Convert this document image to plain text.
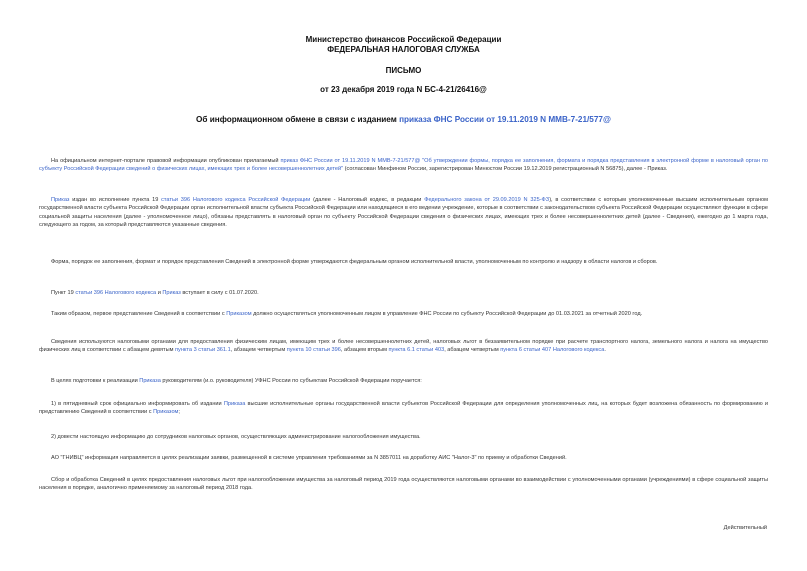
Министерство финансов Российской Федерации
ФЕДЕРАЛЬНАЯ НАЛОГОВАЯ СЛУЖБА
ПИСЬМО
от 23 декабря 2019 года N БС-4-21/26416@
Об информационном обмене в связи с изданием приказа ФНС России от 19.11.2019 N ММВ-7-21/577@
На официальном интернет-портале правовой информации опубликован прилагаемый приказ ФНС России от 19.11.2019 N ММВ-7-21/577@ "Об утверждении формы, порядка ее заполнения, формата и порядка представления в электронной форме в налоговый орган по субъекту Российской Федерации сведений о физических лицах, имеющих трех и более несовершеннолетних детей" (согласован Минфином России, зарегистрирован Минюстом России 19.12.2019 регистрационный N 56875), далее - Приказ.
Приказ издан во исполнение пункта 19 статьи 396 Налогового кодекса Российской Федерации (далее - Налоговый кодекс, в редакции Федерального закона от 29.09.2019 N 325-ФЗ), в соответствии с которым уполномоченные высшим исполнительным органом государственной власти субъекта Российской Федерации орган исполнительной власти субъекта Российской Федерации или находящиеся в его ведении учреждение, которые в соответствии с законодательством субъекта Российской Федерации осуществляют функции в сфере социальной защиты населения (далее - уполномоченное лицо), обязаны представлять в налоговый орган по субъекту Российской Федерации сведения о физических лицах, имеющих трех и более несовершеннолетних детей (далее - Сведения), ежегодно до 1 марта года, следующего за годом, за который представляются указанные сведения.
Форма, порядок ее заполнения, формат и порядок представления Сведений в электронной форме утверждаются федеральным органом исполнительной власти, уполномоченным по контролю и надзору в области налогов и сборов.
Пункт 19 статьи 396 Налогового кодекса и Приказ вступает в силу с 01.07.2020.
Таким образом, первое представление Сведений в соответствии с Приказом должно осуществляться уполномоченным лицом в управление ФНС России по субъекту Российской Федерации до 01.03.2021 за отчетный 2020 год.
Сведения используются налоговыми органами для предоставления физическим лицам, имеющим трех и более несовершеннолетних детей, налоговых льгот в беззаявительном порядке при расчете транспортного налога, земельного налога и налога на имущество физических лиц в соответствии с абзацем девятым пункта 3 статьи 361.1, абзацем четвертым пункта 10 статьи 396, абзацем вторым пункта 6.1 статьи 403, абзацем четвертым пункта 6 статьи 407 Налогового кодекса.
В целях подготовки к реализации Приказа руководителям (и.о. руководителя) УФНС России по субъектам Российской Федерации поручается:
1) в пятидневный срок официально информировать об издании Приказа высшие исполнительные органы государственной власти субъектов Российской Федерации для определения уполномоченных лиц, на которых будет возложена обязанность по формированию и представлению Сведений в соответствии с Приказом;
2) довести настоящую информацию до сотрудников налоговых органов, осуществляющих администрирование налогообложения имущества.
АО "ГНИВЦ" информация направляется в целях реализации заявки, размещенной в системе управления требованиями за N 3857011 на доработку АИС "Налог-3" по приему и обработки Сведений.
Сбор и обработка Сведений в целях предоставления налоговых льгот при налогообложении имущества за налоговый период 2019 года осуществляются налоговыми органами во взаимодействии с уполномоченными органами (учреждениями) в сфере социальной защиты населения в порядке, аналогично применяемому за налоговый период 2018 года.
Действительный
